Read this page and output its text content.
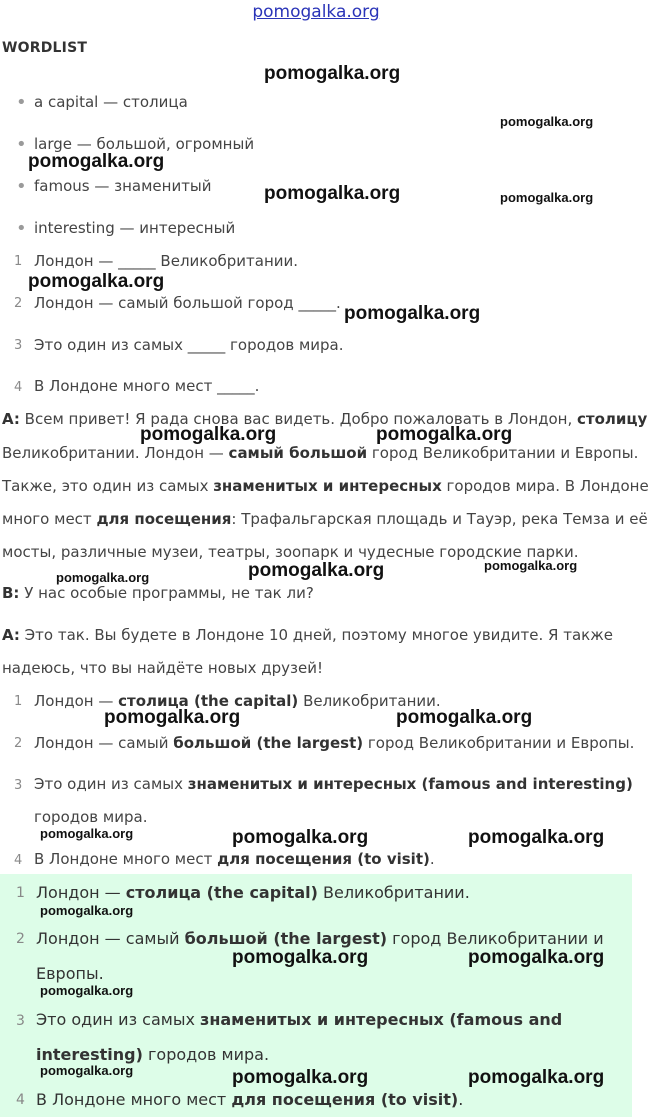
pomogalka.org
WORDLIST
• a capital — столица
• large — большой, огромный
• famous — знаменитый
• interesting — интересный
1 Лондон — _____ Великобритании.
2 Лондон — самый большой город _____.
3 Это один из самых _____ городов мира.
4 В Лондоне много мест _____.
A: Всем привет! Я рада снова вас видеть. Добро пожаловать в Лондон, столицу
Великобритании. Лондон — самый большой город Великобритании и Европы.
Также, это один из самых знаменитых и интересных городов мира. В Лондоне
много мест для посещения: Трафальгарская площадь и Тауэр, река Темза и её
мосты, различные музеи, театры, зоопарк и чудесные городские парки.
B: У нас особые программы, не так ли?
A: Это так. Вы будете в Лондоне 10 дней, поэтому многое увидите. Я также
надеюсь, что вы найдёте новых друзей!
1 Лондон — столица (the capital) Великобритании.
2 Лондон — самый большой (the largest) город Великобритании и Европы.
3 Это один из самых знаменитых и интересных (famous and interesting)
городов мира.
4 В Лондоне много мест для посещения (to visit).
1 Лондон — столица (the capital) Великобритании.
2 Лондон — самый большой (the largest) город Великобритании и
Европы.
3 Это один из самых знаменитых и интересных (famous and
interesting) городов мира.
4 В Лондоне много мест для посещения (to visit).
pomogalka.org
pomogalka.org
pomogalka.org
pomogalka.org	pomogalka.org
pomogalka.org
pomogalka.org
pomogalka.org	pomogalka.org
pomogalka.org	pomogalka.org
pomogalka.org
pomogalka.org	pomogalka.org
pomogalka.org	pomogalka.org	pomogalka.org
pomogalka.org
pomogalka.org	pomogalka.org
pomogalka.org
pomogalka.org	pomogalka.org	pomogalka.org
